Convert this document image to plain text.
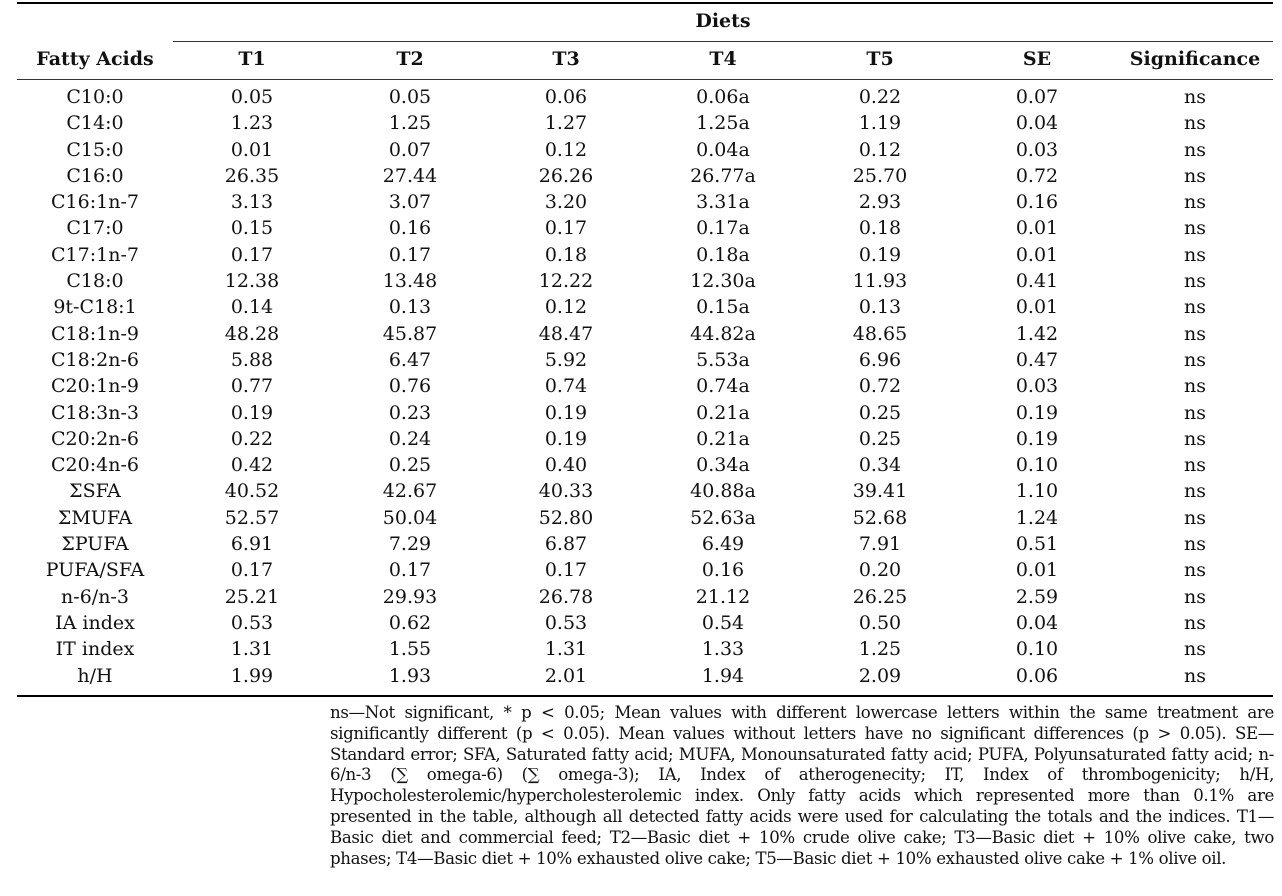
Diets
Fatty Acids	T1	T2	T3	T4	T5	SE	Significance
C10:0	0.05	0.05	0.06	0.06a	0.22	0.07	ns
C14:0	1.23	1.25	1.27	1.25a	1.19	0.04	ns
C15:0	0.01	0.07	0.12	0.04a	0.12	0.03	ns
C16:0	26.35	27.44	26.26	26.77a	25.70	0.72	ns
C16:1n-7	3.13	3.07	3.20	3.31a	2.93	0.16	ns
C17:0	0.15	0.16	0.17	0.17a	0.18	0.01	ns
C17:1n-7	0.17	0.17	0.18	0.18a	0.19	0.01	ns
C18:0	12.38	13.48	12.22	12.30a	11.93	0.41	ns
9t-C18:1	0.14	0.13	0.12	0.15a	0.13	0.01	ns
C18:1n-9	48.28	45.87	48.47	44.82a	48.65	1.42	ns
C18:2n-6	5.88	6.47	5.92	5.53a	6.96	0.47	ns
C20:1n-9	0.77	0.76	0.74	0.74a	0.72	0.03	ns
C18:3n-3	0.19	0.23	0.19	0.21a	0.25	0.19	ns
C20:2n-6	0.22	0.24	0.19	0.21a	0.25	0.19	ns
C20:4n-6	0.42	0.25	0.40	0.34a	0.34	0.10	ns
ΣSFA	40.52	42.67	40.33	40.88a	39.41	1.10	ns
ΣMUFA	52.57	50.04	52.80	52.63a	52.68	1.24	ns
ΣPUFA	6.91	7.29	6.87	6.49	7.91	0.51	ns
PUFA/SFA	0.17	0.17	0.17	0.16	0.20	0.01	ns
n-6/n-3	25.21	29.93	26.78	21.12	26.25	2.59	ns
IA index	0.53	0.62	0.53	0.54	0.50	0.04	ns
IT index	1.31	1.55	1.31	1.33	1.25	0.10	ns
h/H	1.99	1.93	2.01	1.94	2.09	0.06	ns
ns—Not significant, * p < 0.05; Mean values with different lowercase letters within the same treatment are significantly different (p < 0.05). Mean values without letters have no significant differences (p > 0.05). SE—Standard error; SFA, Saturated fatty acid; MUFA, Monounsaturated fatty acid; PUFA, Polyunsaturated fatty acid; n-6/n-3 (∑ omega-6) (∑ omega-3); IA, Index of atherogenecity; IT, Index of thrombogenicity; h/H, Hypocholesterolemic/hypercholesterolemic index. Only fatty acids which represented more than 0.1% are presented in the table, although all detected fatty acids were used for calculating the totals and the indices. T1—Basic diet and commercial feed; T2—Basic diet + 10% crude olive cake; T3—Basic diet + 10% olive cake, two phases; T4—Basic diet + 10% exhausted olive cake; T5—Basic diet + 10% exhausted olive cake + 1% olive oil.
